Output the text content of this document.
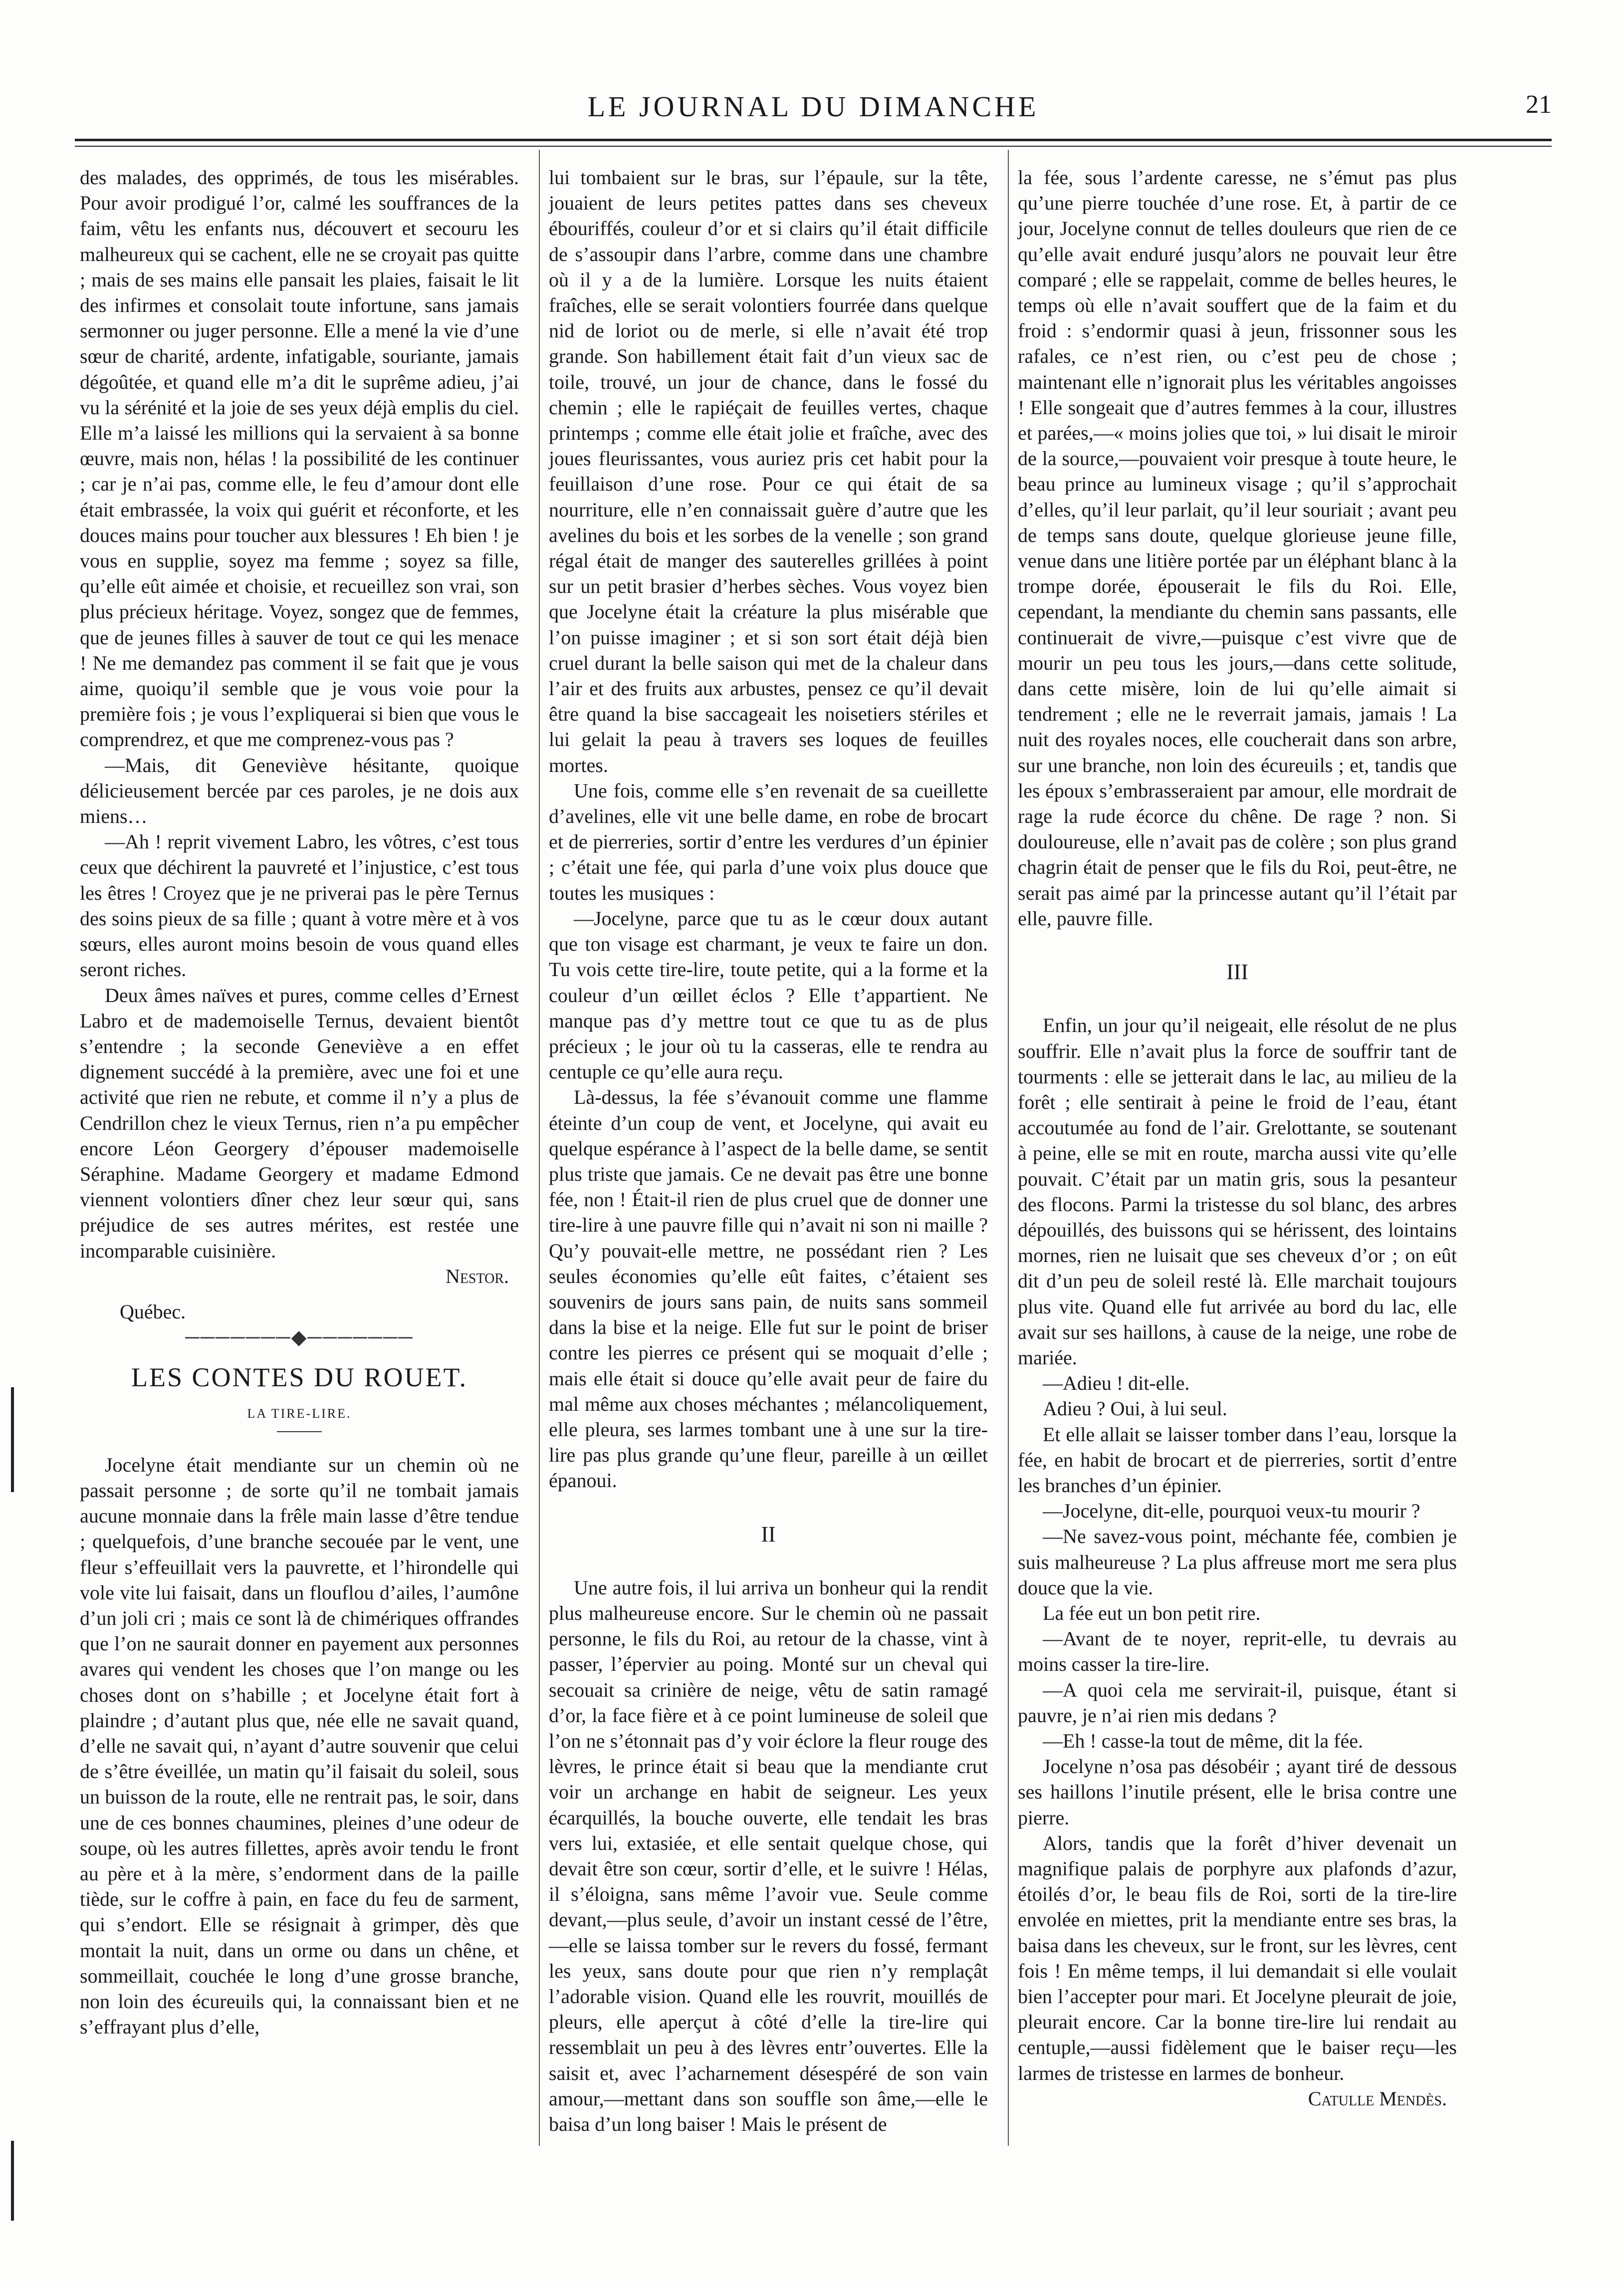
LE JOURNAL DU DIMANCHE	21

des malades, des opprimés, de tous les misérables. Pour avoir prodigué l’or, calmé les souffrances de la faim, vêtu les enfants nus, découvert et secouru les malheureux qui se cachent, elle ne se croyait pas quitte ; mais de ses mains elle pansait les plaies, faisait le lit des infirmes et consolait toute infortune, sans jamais sermonner ou juger personne. Elle a mené la vie d’une sœur de charité, ardente, infatigable, souriante, jamais dégoûtée, et quand elle m’a dit le suprême adieu, j’ai vu la sérénité et la joie de ses yeux déjà emplis du ciel. Elle m’a laissé les millions qui la servaient à sa bonne œuvre, mais non, hélas ! la possibilité de les continuer ; car je n’ai pas, comme elle, le feu d’amour dont elle était embrassée, la voix qui guérit et réconforte, et les douces mains pour toucher aux blessures ! Eh bien ! je vous en supplie, soyez ma femme ; soyez sa fille, qu’elle eût aimée et choisie, et recueillez son vrai, son plus précieux héritage. Voyez, songez que de femmes, que de jeunes filles à sauver de tout ce qui les menace ! Ne me demandez pas comment il se fait que je vous aime, quoiqu’il semble que je vous voie pour la première fois ; je vous l’expliquerai si bien que vous le comprendrez, et que me comprenez-vous pas ?

—Mais, dit Geneviève hésitante, quoique délicieusement bercée par ces paroles, je ne dois aux miens…

—Ah ! reprit vivement Labro, les vôtres, c’est tous ceux que déchirent la pauvreté et l’injustice, c’est tous les êtres ! Croyez que je ne priverai pas le père Ternus des soins pieux de sa fille ; quant à votre mère et à vos sœurs, elles auront moins besoin de vous quand elles seront riches.

Deux âmes naïves et pures, comme celles d’Ernest Labro et de mademoiselle Ternus, devaient bientôt s’entendre ; la seconde Geneviève a en effet dignement succédé à la première, avec une foi et une activité que rien ne rebute, et comme il n’y a plus de Cendrillon chez le vieux Ternus, rien n’a pu empêcher encore Léon Georgery d’épouser mademoiselle Séraphine. Madame Georgery et madame Edmond viennent volontiers dîner chez leur sœur qui, sans préjudice de ses autres mérites, est restée une incomparable cuisinière.

Nestor.

Québec.

───────◆───────

LES CONTES DU ROUET.

LA TIRE-LIRE.

Jocelyne était mendiante sur un chemin où ne passait personne ; de sorte qu’il ne tombait jamais aucune monnaie dans la frêle main lasse d’être tendue ; quelquefois, d’une branche secouée par le vent, une fleur s’effeuillait vers la pauvrette, et l’hirondelle qui vole vite lui faisait, dans un flouflou d’ailes, l’aumône d’un joli cri ; mais ce sont là de chimériques offrandes que l’on ne saurait donner en payement aux personnes avares qui vendent les choses que l’on mange ou les choses dont on s’habille ; et Jocelyne était fort à plaindre ; d’autant plus que, née elle ne savait quand, d’elle ne savait qui, n’ayant d’autre souvenir que celui de s’être éveillée, un matin qu’il faisait du soleil, sous un buisson de la route, elle ne rentrait pas, le soir, dans une de ces bonnes chaumines, pleines d’une odeur de soupe, où les autres fillettes, après avoir tendu le front au père et à la mère, s’endorment dans de la paille tiède, sur le coffre à pain, en face du feu de sarment, qui s’endort. Elle se résignait à grimper, dès que montait la nuit, dans un orme ou dans un chêne, et sommeillait, couchée le long d’une grosse branche, non loin des écureuils qui, la connaissant bien et ne s’effrayant plus d’elle,

lui tombaient sur le bras, sur l’épaule, sur la tête, jouaient de leurs petites pattes dans ses cheveux ébouriffés, couleur d’or et si clairs qu’il était difficile de s’assoupir dans l’arbre, comme dans une chambre où il y a de la lumière. Lorsque les nuits étaient fraîches, elle se serait volontiers fourrée dans quelque nid de loriot ou de merle, si elle n’avait été trop grande. Son habillement était fait d’un vieux sac de toile, trouvé, un jour de chance, dans le fossé du chemin ; elle le rapiéçait de feuilles vertes, chaque printemps ; comme elle était jolie et fraîche, avec des joues fleurissantes, vous auriez pris cet habit pour la feuillaison d’une rose. Pour ce qui était de sa nourriture, elle n’en connaissait guère d’autre que les avelines du bois et les sorbes de la venelle ; son grand régal était de manger des sauterelles grillées à point sur un petit brasier d’herbes sèches. Vous voyez bien que Jocelyne était la créature la plus misérable que l’on puisse imaginer ; et si son sort était déjà bien cruel durant la belle saison qui met de la chaleur dans l’air et des fruits aux arbustes, pensez ce qu’il devait être quand la bise saccageait les noisetiers stériles et lui gelait la peau à travers ses loques de feuilles mortes.

Une fois, comme elle s’en revenait de sa cueillette d’avelines, elle vit une belle dame, en robe de brocart et de pierreries, sortir d’entre les verdures d’un épinier ; c’était une fée, qui parla d’une voix plus douce que toutes les musiques :

—Jocelyne, parce que tu as le cœur doux autant que ton visage est charmant, je veux te faire un don. Tu vois cette tire-lire, toute petite, qui a la forme et la couleur d’un œillet éclos ? Elle t’appartient. Ne manque pas d’y mettre tout ce que tu as de plus précieux ; le jour où tu la casseras, elle te rendra au centuple ce qu’elle aura reçu.

Là-dessus, la fée s’évanouit comme une flamme éteinte d’un coup de vent, et Jocelyne, qui avait eu quelque espérance à l’aspect de la belle dame, se sentit plus triste que jamais. Ce ne devait pas être une bonne fée, non ! Était-il rien de plus cruel que de donner une tire-lire à une pauvre fille qui n’avait ni son ni maille ? Qu’y pouvait-elle mettre, ne possédant rien ? Les seules économies qu’elle eût faites, c’étaient ses souvenirs de jours sans pain, de nuits sans sommeil dans la bise et la neige. Elle fut sur le point de briser contre les pierres ce présent qui se moquait d’elle ; mais elle était si douce qu’elle avait peur de faire du mal même aux choses méchantes ; mélancoliquement, elle pleura, ses larmes tombant une à une sur la tire-lire pas plus grande qu’une fleur, pareille à un œillet épanoui.

II

Une autre fois, il lui arriva un bonheur qui la rendit plus malheureuse encore. Sur le chemin où ne passait personne, le fils du Roi, au retour de la chasse, vint à passer, l’épervier au poing. Monté sur un cheval qui secouait sa crinière de neige, vêtu de satin ramagé d’or, la face fière et à ce point lumineuse de soleil que l’on ne s’étonnait pas d’y voir éclore la fleur rouge des lèvres, le prince était si beau que la mendiante crut voir un archange en habit de seigneur. Les yeux écarquillés, la bouche ouverte, elle tendait les bras vers lui, extasiée, et elle sentait quelque chose, qui devait être son cœur, sortir d’elle, et le suivre ! Hélas, il s’éloigna, sans même l’avoir vue. Seule comme devant,—plus seule, d’avoir un instant cessé de l’être,—elle se laissa tomber sur le revers du fossé, fermant les yeux, sans doute pour que rien n’y remplaçât l’adorable vision. Quand elle les rouvrit, mouillés de pleurs, elle aperçut à côté d’elle la tire-lire qui ressemblait un peu à des lèvres entr’ouvertes. Elle la saisit et, avec l’acharnement désespéré de son vain amour,—mettant dans son souffle son âme,—elle le baisa d’un long baiser ! Mais le présent de

la fée, sous l’ardente caresse, ne s’émut pas plus qu’une pierre touchée d’une rose. Et, à partir de ce jour, Jocelyne connut de telles douleurs que rien de ce qu’elle avait enduré jusqu’alors ne pouvait leur être comparé ; elle se rappelait, comme de belles heures, le temps où elle n’avait souffert que de la faim et du froid : s’endormir quasi à jeun, frissonner sous les rafales, ce n’est rien, ou c’est peu de chose ; maintenant elle n’ignorait plus les véritables angoisses ! Elle songeait que d’autres femmes à la cour, illustres et parées,—« moins jolies que toi, » lui disait le miroir de la source,—pouvaient voir presque à toute heure, le beau prince au lumineux visage ; qu’il s’approchait d’elles, qu’il leur parlait, qu’il leur souriait ; avant peu de temps sans doute, quelque glorieuse jeune fille, venue dans une litière portée par un éléphant blanc à la trompe dorée, épouserait le fils du Roi. Elle, cependant, la mendiante du chemin sans passants, elle continuerait de vivre,—puisque c’est vivre que de mourir un peu tous les jours,—dans cette solitude, dans cette misère, loin de lui qu’elle aimait si tendrement ; elle ne le reverrait jamais, jamais ! La nuit des royales noces, elle coucherait dans son arbre, sur une branche, non loin des écureuils ; et, tandis que les époux s’embrasseraient par amour, elle mordrait de rage la rude écorce du chêne. De rage ? non. Si douloureuse, elle n’avait pas de colère ; son plus grand chagrin était de penser que le fils du Roi, peut-être, ne serait pas aimé par la princesse autant qu’il l’était par elle, pauvre fille.

III

Enfin, un jour qu’il neigeait, elle résolut de ne plus souffrir. Elle n’avait plus la force de souffrir tant de tourments : elle se jetterait dans le lac, au milieu de la forêt ; elle sentirait à peine le froid de l’eau, étant accoutumée au fond de l’air. Grelottante, se soutenant à peine, elle se mit en route, marcha aussi vite qu’elle pouvait. C’était par un matin gris, sous la pesanteur des flocons. Parmi la tristesse du sol blanc, des arbres dépouillés, des buissons qui se hérissent, des lointains mornes, rien ne luisait que ses cheveux d’or ; on eût dit d’un peu de soleil resté là. Elle marchait toujours plus vite. Quand elle fut arrivée au bord du lac, elle avait sur ses haillons, à cause de la neige, une robe de mariée.

—Adieu ! dit-elle.

Adieu ? Oui, à lui seul.

Et elle allait se laisser tomber dans l’eau, lorsque la fée, en habit de brocart et de pierreries, sortit d’entre les branches d’un épinier.

—Jocelyne, dit-elle, pourquoi veux-tu mourir ?

—Ne savez-vous point, méchante fée, combien je suis malheureuse ? La plus affreuse mort me sera plus douce que la vie.

La fée eut un bon petit rire.

—Avant de te noyer, reprit-elle, tu devrais au moins casser la tire-lire.

—A quoi cela me servirait-il, puisque, étant si pauvre, je n’ai rien mis dedans ?

—Eh ! casse-la tout de même, dit la fée.

Jocelyne n’osa pas désobéir ; ayant tiré de dessous ses haillons l’inutile présent, elle le brisa contre une pierre.

Alors, tandis que la forêt d’hiver devenait un magnifique palais de porphyre aux plafonds d’azur, étoilés d’or, le beau fils de Roi, sorti de la tire-lire envolée en miettes, prit la mendiante entre ses bras, la baisa dans les cheveux, sur le front, sur les lèvres, cent fois ! En même temps, il lui demandait si elle voulait bien l’accepter pour mari. Et Jocelyne pleurait de joie, pleurait encore. Car la bonne tire-lire lui rendait au centuple,—aussi fidèlement que le baiser reçu—les larmes de tristesse en larmes de bonheur.

Catulle Mendès.
